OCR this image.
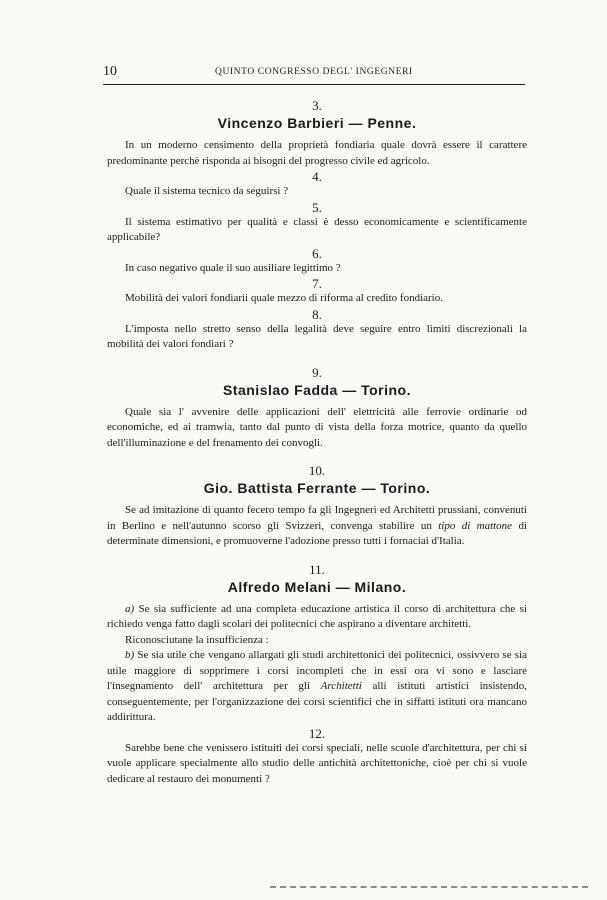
10	QUINTO CONGRESSO DEGL' INGEGNERI
3.
Vincenzo Barbieri — Penne.

In un moderno censimento della proprietà fondiaria quale dovrà essere il carattere predominante perchè risponda ai bisogni del progresso civile ed agricolo.

4.

Quale il sistema tecnico da seguirsi ?

5.

Il sistema estimativo per qualità e classi è desso economicamente e scientificamente applicabile?

6.

In caso negativo quale il suo ausiliare legittimo ?

7.

Mobilità dei valori fondiarii quale mezzo di riforma al credito fondiario.

8.

L'imposta nello stretto senso della legalità deve seguire entro limiti discrezionali la mobilità dei valori fondiari ?

9.
Stanislao Fadda — Torino.

Quale sia l' avvenire delle applicazioni dell' elettricità alle ferrovie ordinarie od economiche, ed ai tramwia, tanto dal punto di vista della forza motrice, quanto da quello dell'illuminazione e del frenamento dei convogli.

10.
Gio. Battista Ferrante — Torino.

Se ad imitazione di quanto fecero tempo fa gli Ingegneri ed Architetti prussiani, convenuti in Berlino e nell'autunno scorso gli Svizzeri, convenga stabilire un tipo di mattone di determinate dimensioni, e promuoverne l'adozione presso tutti i fornaciai d'Italia.

11.
Alfredo Melani — Milano.

a) Se sia sufficiente ad una completa educazione artistica il corso di architettura che si richiedo venga fatto dagli scolari dei politecnici che aspirano a diventare architetti.

Riconosciutane la insufficienza :

b) Se sia utile che vengano allargati gli studi architettonici dei politecnici, ossivvero se sia utile maggiore di sopprimere i corsi incompleti che in essi ora vi sono e lasciare l'insegnamento dell' architettura per gli Architetti alli istituti artistici insistendo, conseguentemente, per l'organizzazione dei corsi scientifici che in siffatti istituti ora mancano addirittura.

12.

Sarebbe bene che venissero istituiti dei corsi speciali, nelle scuole d'architettura, per chi si vuole applicare specialmente allo studio delle antichità architettoniche, cioè per chi si vuole dedicare al restauro dei monumenti ?
